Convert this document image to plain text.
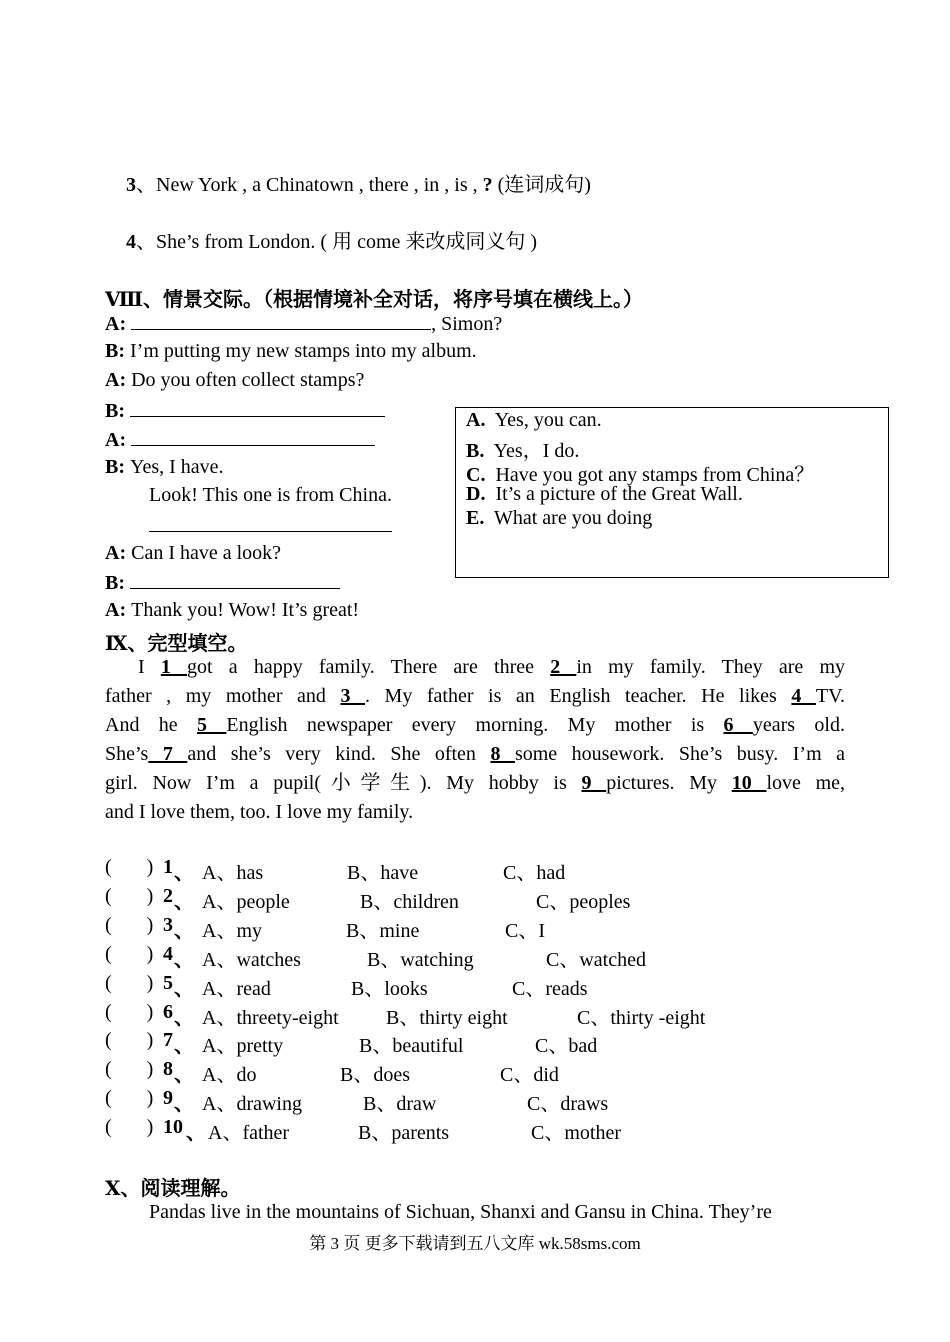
3、New York , a Chinatown , there , in , is , ? (连词成句)
4、She’s from London. ( 用 come 来改成同义句 )
Ⅷ、情景交际。（根据情境补全对话，将序号填在横线上。）
A:	, Simon?
B: I’m putting my new stamps into my album.
A: Do you often collect stamps?
B:
A:
B: Yes, I have.
Look! This one is from China.
A: Can I have a look?
B:
A: Thank you! Wow! It’s great!
A. Yes, you can.
B. Yes，I do.
C. Have you got any stamps from China？
D. It’s a picture of the Great Wall.
E. What are you doing
Ⅸ、完型填空。
I 1 got a happy family. There are three 2 in my family. They are my
father , my mother and 3 . My father is an English teacher. He likes 4 TV.
And he 5 English newspaper every morning. My mother is 6 years old.
She’s 7 and she’s very kind. She often 8 some housework. She’s busy. I’m a
girl. Now I’m a pupil(小学生). My hobby is 9 pictures. My 10 love me,
and I love them, too. I love my family.
(       ) 1 、 A、has	B、have	C、had
(       ) 2 、 A、people	B、children	C、peoples
(       ) 3 、 A、my	B、mine	C、I
(       ) 4 、 A、watches	B、watching	C、watched
(       ) 5 、 A、read	B、looks	C、reads
(       ) 6 、 A、threety-eight B、thirty eight	C、thirty -eight
(       ) 7 、 A、pretty	B、beautiful	C、bad
(       ) 8 、 A、do	B、does	C、did
(       ) 9 、 A、drawing	B、draw	C、draws
(       ) 10 、 A、father	B、parents	C、mother
Ⅹ、阅读理解。
Pandas live in the mountains of Sichuan, Shanxi and Gansu in China. They’re
第 3 页 更多下载请到五八文库 wk.58sms.com
